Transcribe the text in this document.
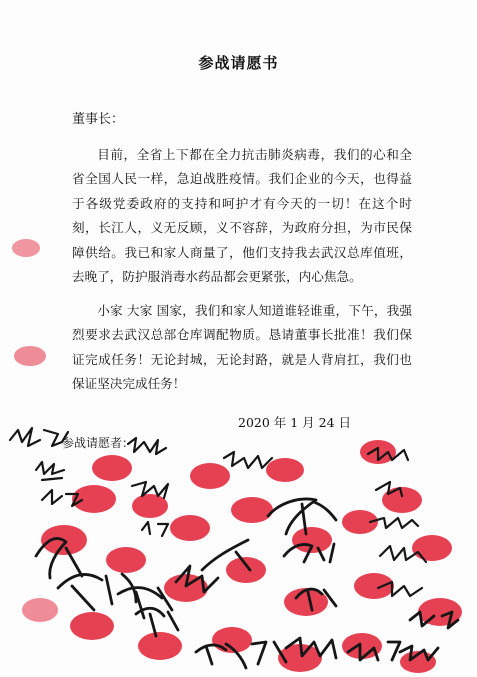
参战请愿书
董事长：

目前，全省上下都在全力抗击肺炎病毒，我们的心和全省全国人民一样，急迫战胜疫情。我们企业的今天，也得益于各级党委政府的支持和呵护才有今天的一切！在这个时刻，长江人，义无反顾，义不容辞，为政府分担，为市民保障供给。我已和家人商量了，他们支持我去武汉总库值班，去晚了，防护服消毒水药品都会更紧张，内心焦急。

小家 大家 国家，我们和家人知道谁轻谁重，下午，我强烈要求去武汉总部仓库调配物质。恳请董事长批准！我们保证完成任务！无论封城，无论封路，就是人背肩扛，我们也保证坚决完成任务！

2020 年 1 月 24 日
参战请愿者：
